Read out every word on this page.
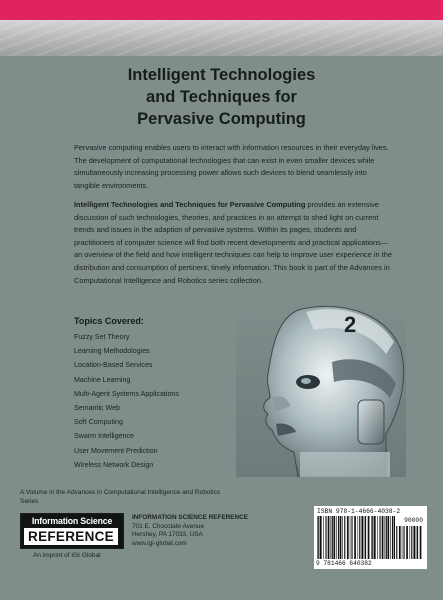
Intelligent Technologies
and Techniques for
Pervasive Computing

Pervasive computing enables users to interact with information resources in their everyday lives. The development of computational technologies that can exist in even smaller devices while simultaneously increasing processing power allows such devices to blend seamlessly into tangible environments.

Intelligent Technologies and Techniques for Pervasive Computing provides an extensive discussion of such technologies, theories, and practices in an attempt to shed light on current trends and issues in the adaption of pervasive systems. Within its pages, students and practitioners of computer science will find both recent developments and practical applications—an overview of the field and how intelligent techniques can help to improve user experience in the distribution and consumption of pertinent, timely information. This book is part of the Advances in Computational Intelligence and Robotics series collection.

Topics Covered:
Fuzzy Set Theory
Learning Methodologies
Location-Based Services
Machine Learning
Multi-Agent Systems Applications
Semantic Web
Soft Computing
Swarm Intelligence
User Movement Prediction
Wireless Network Design
2

A Volume in the Advances in Computational Intelligence and Robotics Series

Information Science
REFERENCE

An imprint of IGI Global

INFORMATION SCIENCE REFERENCE
701 E. Chocolate Avenue
Hershey, PA 17033, USA
www.igi-global.com

ISBN 978-1-4666-4038-2

90000

9 781466 640382
